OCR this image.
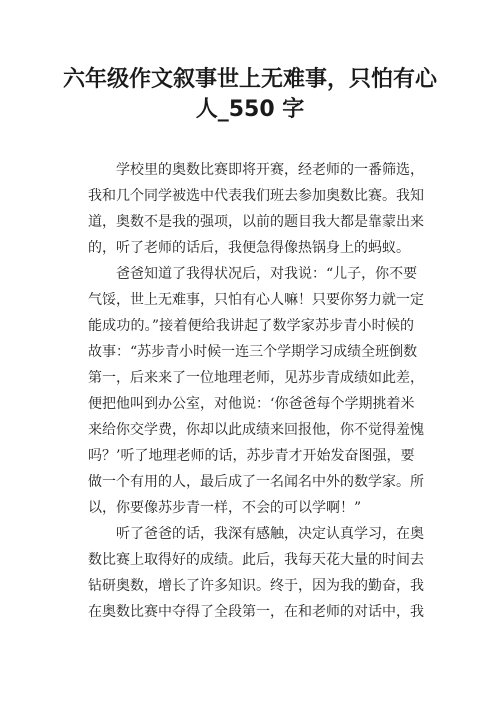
六年级作文叙事世上无难事，只怕有心
人_550 字
学校里的奥数比赛即将开赛，经老师的一番筛选，
我和几个同学被选中代表我们班去参加奥数比赛。我知
道，奥数不是我的强项，以前的题目我大都是靠蒙出来
的，听了老师的话后，我便急得像热锅身上的蚂蚁。
爸爸知道了我得状况后，对我说：“儿子，你不要
气馁，世上无难事，只怕有心人嘛！只要你努力就一定
能成功的。”接着便给我讲起了数学家苏步青小时候的
故事：“苏步青小时候一连三个学期学习成绩全班倒数
第一，后来来了一位地理老师，见苏步青成绩如此差，
便把他叫到办公室，对他说：‘你爸爸每个学期挑着米
来给你交学费，你却以此成绩来回报他，你不觉得羞愧
吗？’听了地理老师的话，苏步青才开始发奋图强，要
做一个有用的人，最后成了一名闻名中外的数学家。所
以，你要像苏步青一样，不会的可以学啊！”
听了爸爸的话，我深有感触，决定认真学习，在奥
数比赛上取得好的成绩。此后，我每天花大量的时间去
钻研奥数，增长了许多知识。终于，因为我的勤奋，我
在奥数比赛中夺得了全段第一，在和老师的对话中，我
